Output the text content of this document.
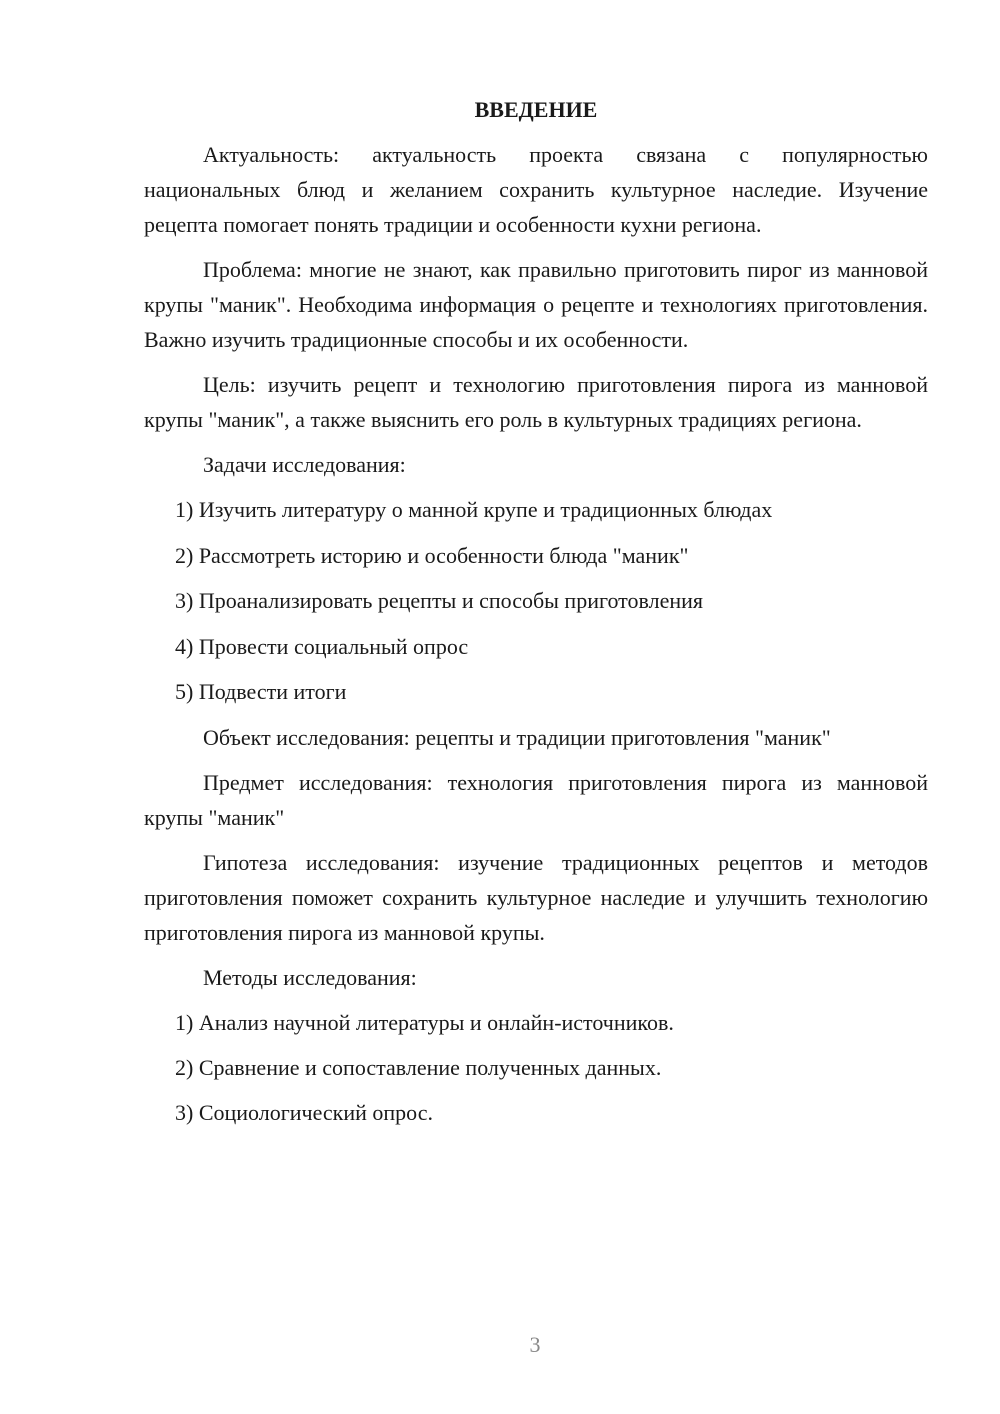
ВВЕДЕНИЕ

Актуальность: актуальность проекта связана с популярностью национальных блюд и желанием сохранить культурное наследие. Изучение рецепта помогает понять традиции и особенности кухни региона.

Проблема: многие не знают, как правильно приготовить пирог из манновой крупы "маник". Необходима информация о рецепте и технологиях приготовления. Важно изучить традиционные способы и их особенности.

Цель: изучить рецепт и технологию приготовления пирога из манновой крупы "маник", а также выяснить его роль в культурных традициях региона.

Задачи исследования:

1) Изучить литературу о манной крупе и традиционных блюдах
2) Рассмотреть историю и особенности блюда "маник"
3) Проанализировать рецепты и способы приготовления
4) Провести социальный опрос
5) Подвести итоги

Объект исследования: рецепты и традиции приготовления "маник"

Предмет исследования: технология приготовления пирога из манновой крупы "маник"

Гипотеза исследования: изучение традиционных рецептов и методов приготовления поможет сохранить культурное наследие и улучшить технологию приготовления пирога из манновой крупы.

Методы исследования:

1) Анализ научной литературы и онлайн-источников.
2) Сравнение и сопоставление полученных данных.
3) Социологический опрос.
3
